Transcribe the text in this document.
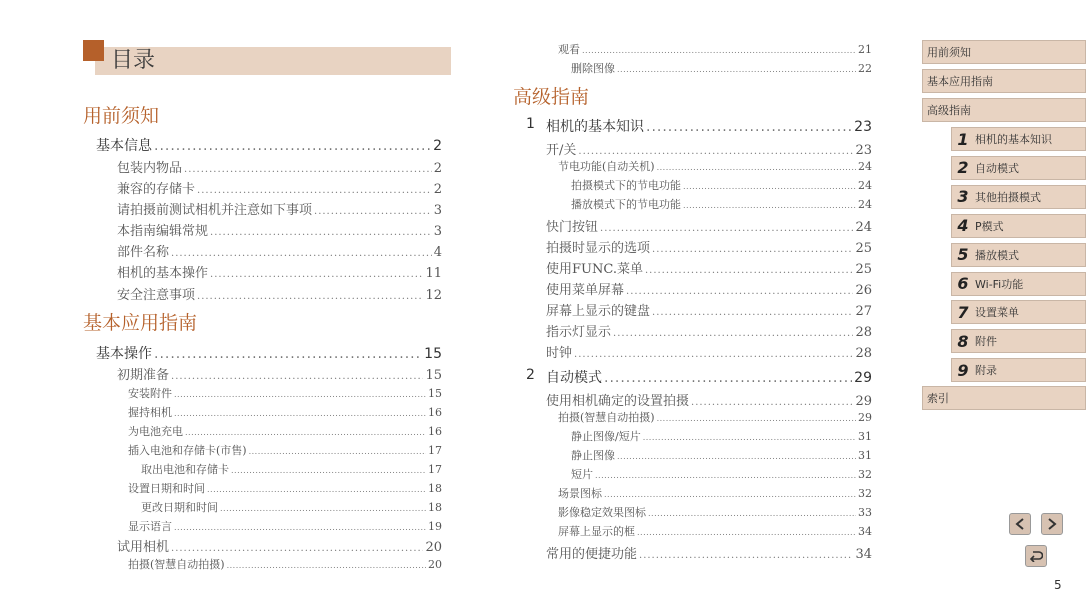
目录
用前须知
基本信息 .....	2
包装内物品 .....	2
兼容的存储卡 .....	2
请拍摄前测试相机并注意如下事项 .....	3
本指南编辑常规 .....	3
部件名称 .....	4
相机的基本操作 .....	11
安全注意事项 .....	12
基本应用指南
基本操作 .....	15
初期准备 .....	15
安装附件 .....	15
握持相机 .....	16
为电池充电 .....	16
插入电池和存储卡(市售) .....	17
取出电池和存储卡 .....	17
设置日期和时间 .....	18
更改日期和时间 .....	18
显示语言 .....	19
试用相机 .....	20
拍摄(智慧自动拍摄) .....	20
观看 .....	21
删除图像 .....	22
高级指南
1 相机的基本知识 .....	23
开/关 .....	23
节电功能(自动关机) .....	24
拍摄模式下的节电功能 .....	24
播放模式下的节电功能 .....	24
快门按钮 .....	24
拍摄时显示的选项 .....	25
使用FUNC.菜单 .....	25
使用菜单屏幕 .....	26
屏幕上显示的键盘 .....	27
指示灯显示 .....	28
时钟 .....	28
2 自动模式 .....	29
使用相机确定的设置拍摄 .....	29
拍摄(智慧自动拍摄) .....	29
静止图像/短片 .....	31
静止图像 .....	31
短片 .....	32
场景图标 .....	32
影像稳定效果图标 .....	33
屏幕上显示的框 .....	34
常用的便捷功能 .....	34
用前须知
基本应用指南
高级指南
1 相机的基本知识
2 自动模式
3 其他拍摄模式
4 P模式
5 播放模式
6 Wi-Fi功能
7 设置菜单
8 附件
9 附录
索引
5
